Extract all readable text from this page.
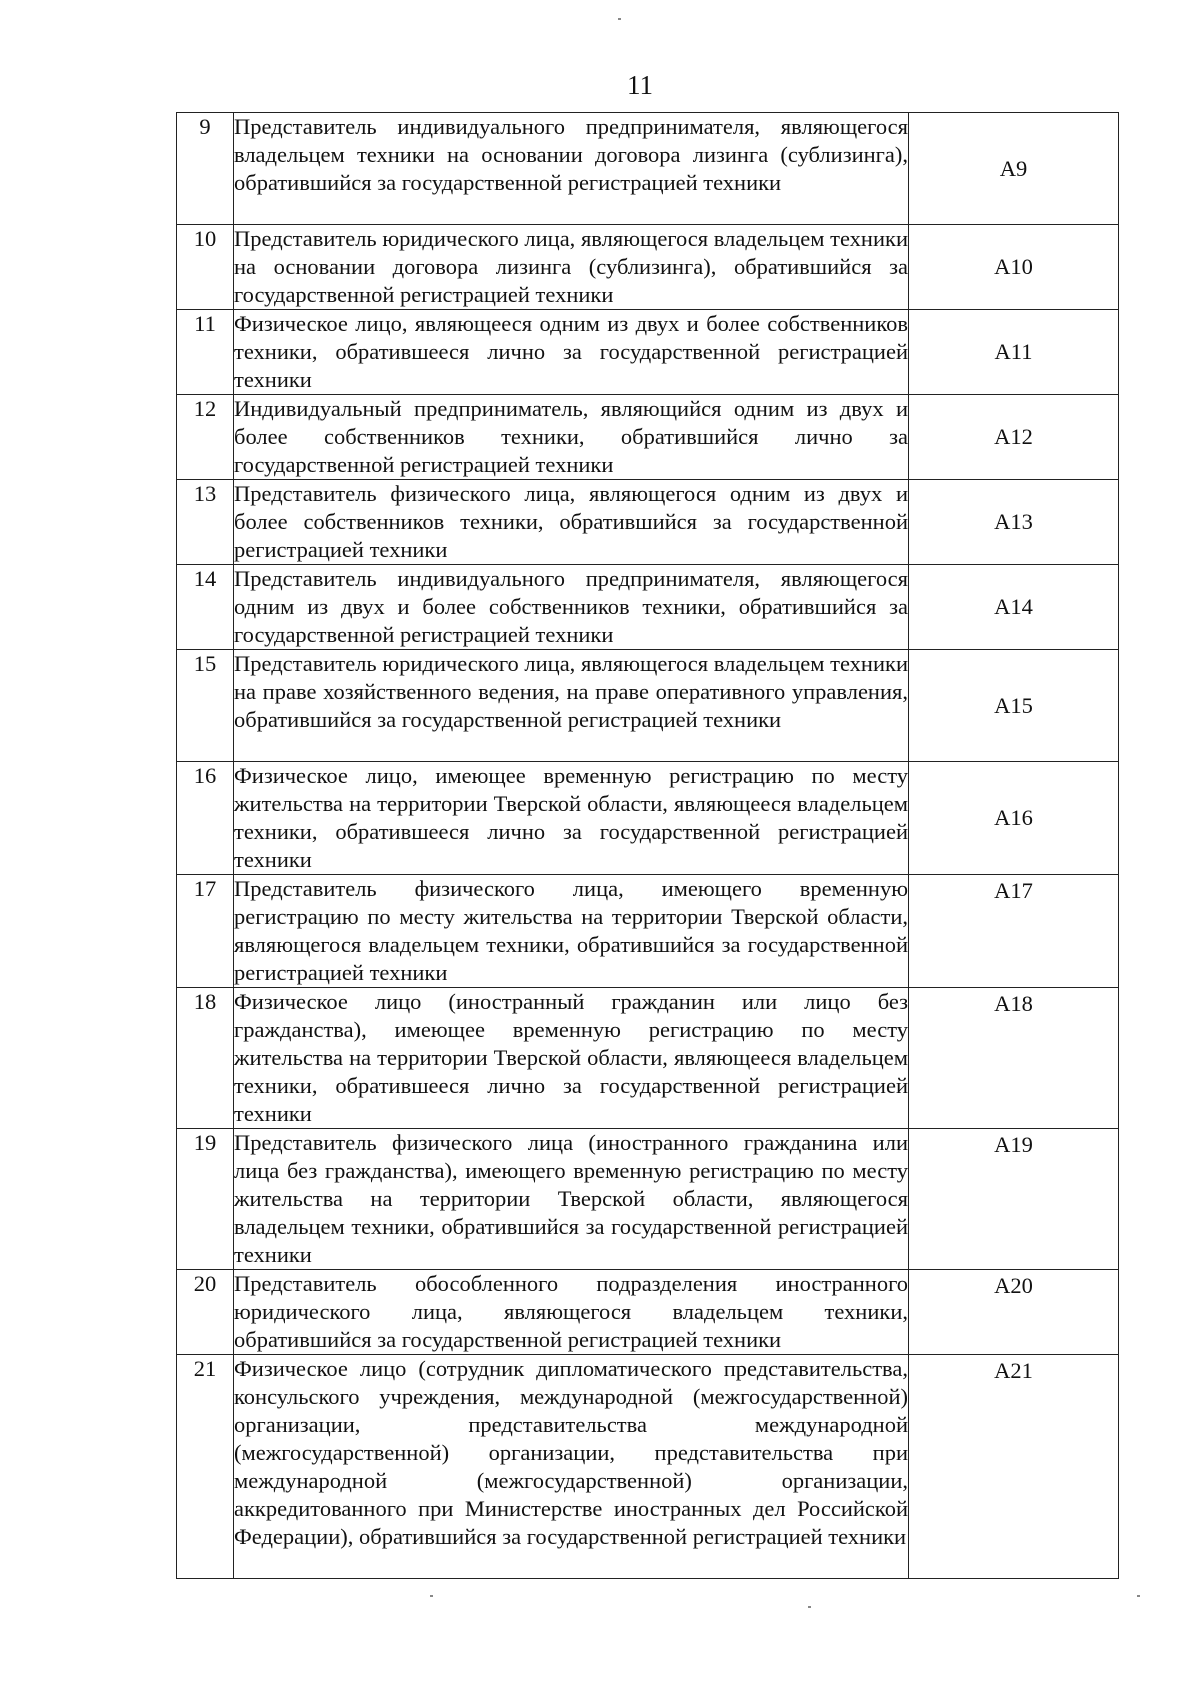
11
9	Представитель индивидуального предпринимателя, являющегося владельцем техники на основании договора лизинга (сублизинга), обратившийся за государственной регистрацией техники	А9
10	Представитель юридического лица, являющегося владельцем техники на основании договора лизинга (сублизинга), обратившийся за государственной регистрацией техники	А10
11	Физическое лицо, являющееся одним из двух и более собственников техники, обратившееся лично за государственной регистрацией техники	А11
12	Индивидуальный предприниматель, являющийся одним из двух и более собственников техники, обратившийся лично за государственной регистрацией техники	А12
13	Представитель физического лица, являющегося одним из двух и более собственников техники, обратившийся за государственной регистрацией техники	А13
14	Представитель индивидуального предпринимателя, являющегося одним из двух и более собственников техники, обратившийся за государственной регистрацией техники	А14
15	Представитель юридического лица, являющегося владельцем техники на праве хозяйственного ведения, на праве оперативного управления, обратившийся за государственной регистрацией техники	А15
16	Физическое лицо, имеющее временную регистрацию по месту жительства на территории Тверской области, являющееся владельцем техники, обратившееся лично за государственной регистрацией техники	А16
17	Представитель физического лица, имеющего временную регистрацию по месту жительства на территории Тверской области, являющегося владельцем техники, обратившийся за государственной регистрацией техники	А17
18	Физическое лицо (иностранный гражданин или лицо без гражданства), имеющее временную регистрацию по месту жительства на территории Тверской области, являющееся владельцем техники, обратившееся лично за государственной регистрацией техники	А18
19	Представитель физического лица (иностранного гражданина или лица без гражданства), имеющего временную регистрацию по месту жительства на территории Тверской области, являющегося владельцем техники, обратившийся за государственной регистрацией техники	А19
20	Представитель обособленного подразделения иностранного юридического лица, являющегося владельцем техники, обратившийся за государственной регистрацией техники	А20
21	Физическое лицо (сотрудник дипломатического представительства, консульского учреждения, международной (межгосударственной) организации, представительства международной (межгосударственной) организации, представительства при международной (межгосударственной) организации, аккредитованного при Министерстве иностранных дел Российской Федерации), обратившийся за государственной регистрацией техники	А21
